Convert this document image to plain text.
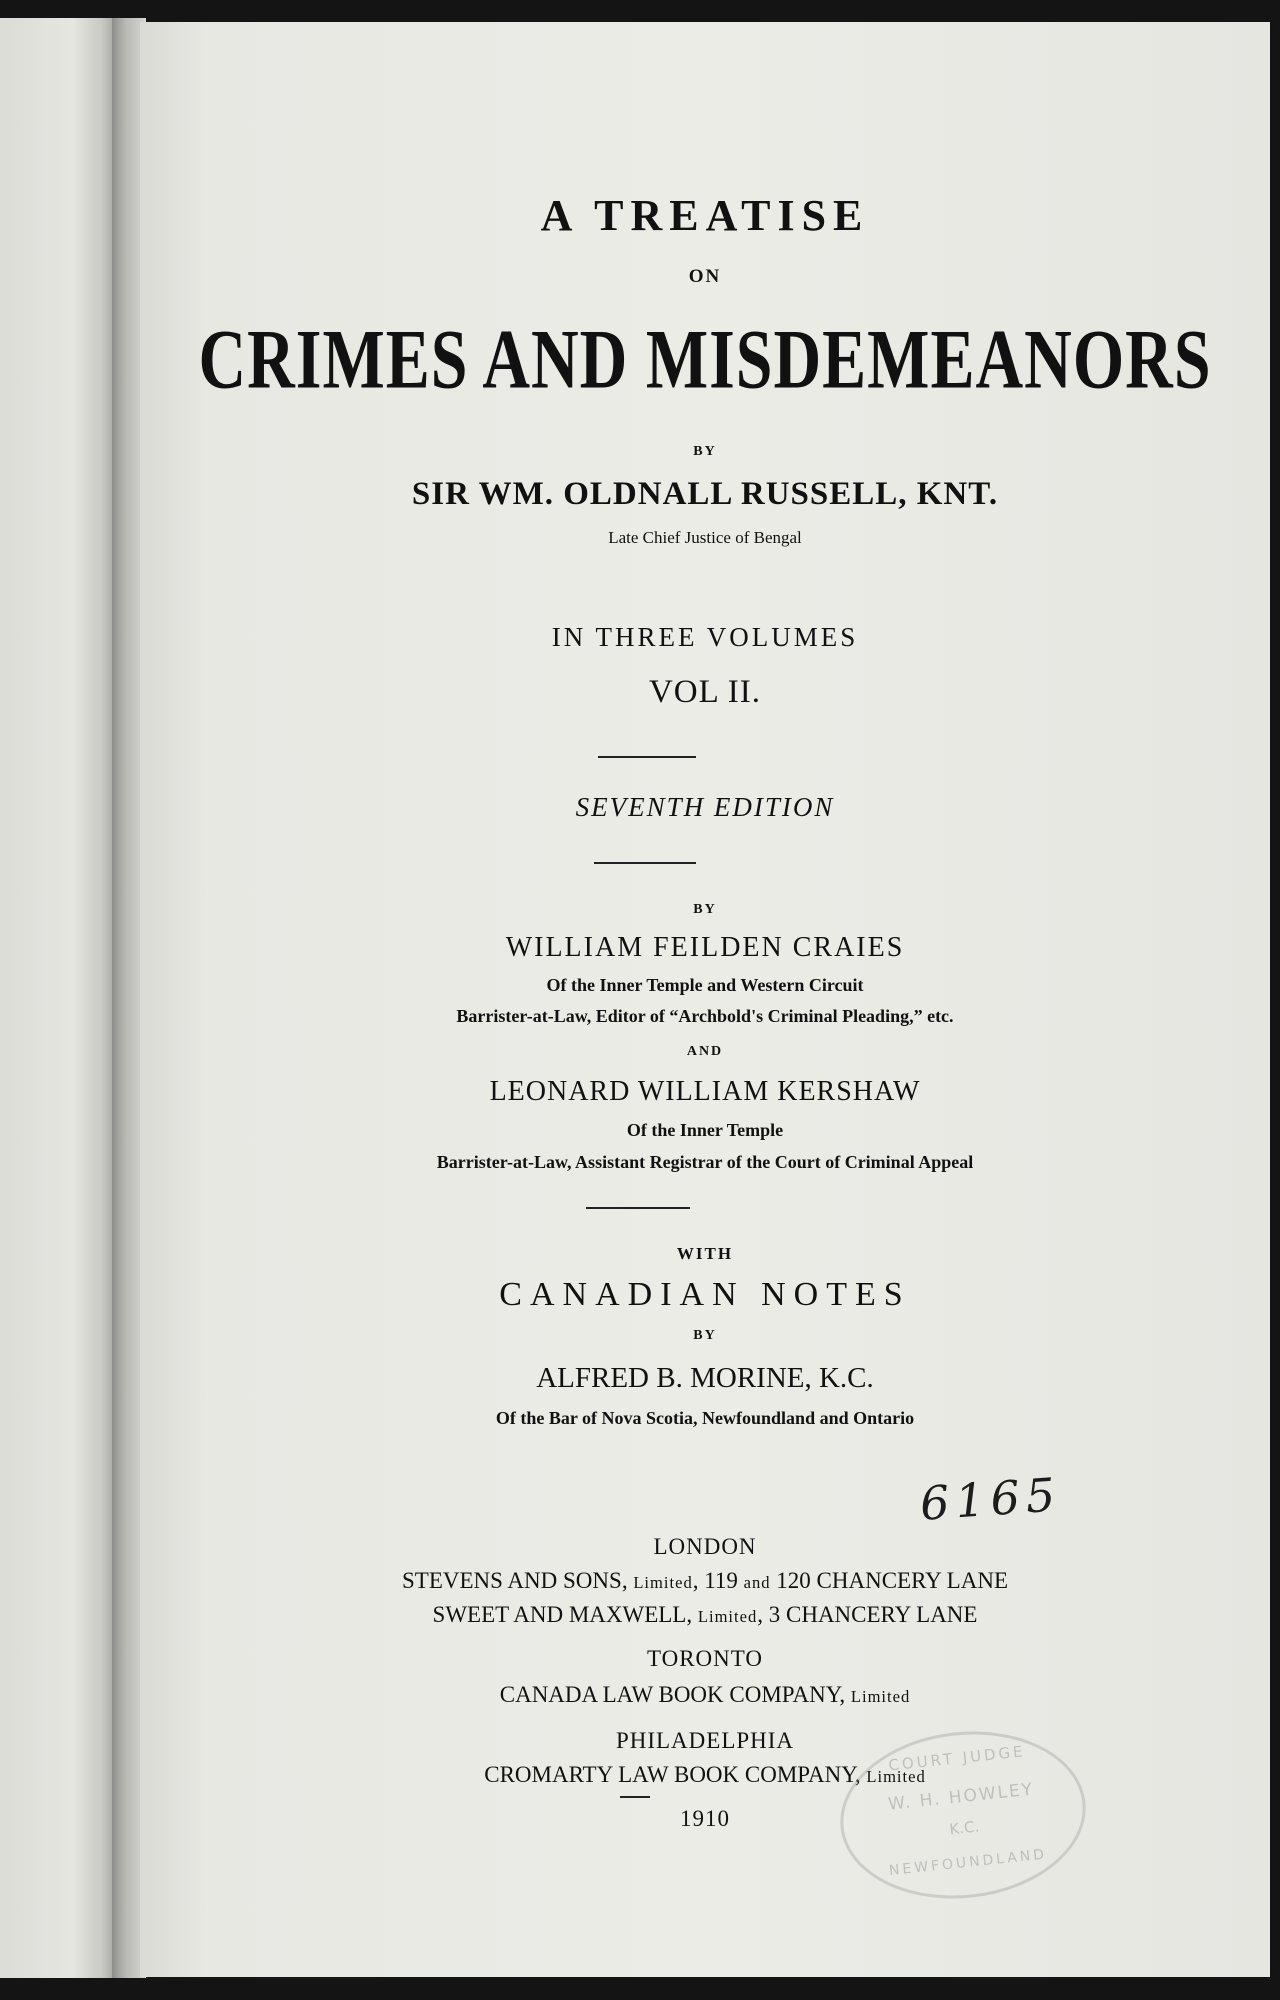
A TREATISE

ON

CRIMES AND MISDEMEANORS

BY

SIR WM. OLDNALL RUSSELL, KNT.

Late Chief Justice of Bengal

IN THREE VOLUMES

VOL II.

SEVENTH EDITION

BY

WILLIAM FEILDEN CRAIES

Of the Inner Temple and Western Circuit

Barrister-at-Law, Editor of “Archbold's Criminal Pleading,” etc.

AND

LEONARD WILLIAM KERSHAW

Of the Inner Temple

Barrister-at-Law, Assistant Registrar of the Court of Criminal Appeal

WITH

CANADIAN NOTES

BY

ALFRED B. MORINE, K.C.

Of the Bar of Nova Scotia, Newfoundland and Ontario

6165

LONDON

STEVENS AND SONS, Limited, 119 and 120 CHANCERY LANE

SWEET AND MAXWELL, Limited, 3 CHANCERY LANE

TORONTO

CANADA LAW BOOK COMPANY, Limited

PHILADELPHIA

CROMARTY LAW BOOK COMPANY, Limited

1910

COURT JUDGE
W. H. HOWLEY
K.C.
NEWFOUNDLAND
